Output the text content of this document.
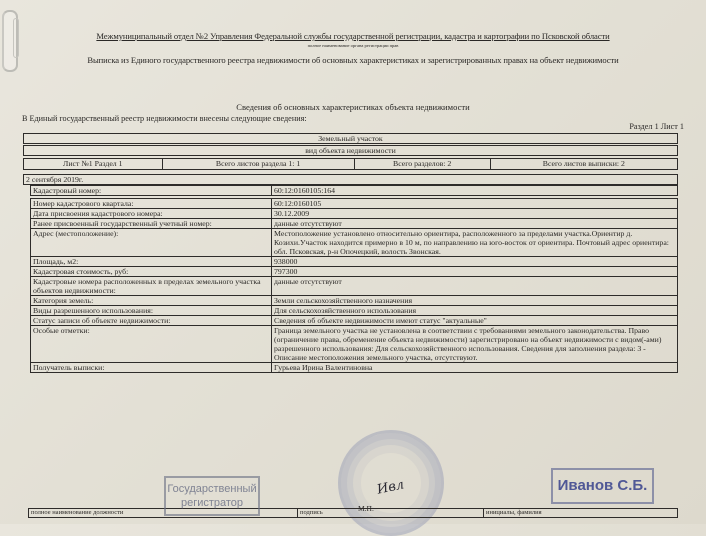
Межмуниципальный отдел №2 Управления Федеральной службы государственной регистрации, кадастра и картографии по Псковской области
полное наименование органа регистрации прав
Выписка из Единого государственного реестра недвижимости об основных характеристиках и зарегистрированных правах на объект недвижимости
Сведения об основных характеристиках объекта недвижимости
В Единый государственный реестр недвижимости внесены следующие сведения:
Раздел 1 Лист 1
Земельный участок
вид объекта недвижимости
Лист №1 Раздел 1	Всего листов раздела 1: 1	Всего разделов: 2	Всего листов выписки: 2
2 сентября 2019г.
Кадастровый номер:	60:12:0160105:164
Номер кадастрового квартала:	60:12:0160105
Дата присвоения кадастрового номера:	30.12.2009
Ранее присвоенный государственный учетный номер:	данные отсутствуют
Адрес (местоположение):	Местоположение установлено относительно ориентира, расположенного за пределами участка.Ориентир д. Козихи.Участок находится примерно в 10 м, по направлению на юго-восток от ориентира. Почтовый адрес ориентира: обл. Псковская, р-н Опочецкий, волость Звонская.
Площадь, м2:	938000
Кадастровая стоимость, руб:	797300
Кадастровые номера расположенных в пределах земельного участка объектов недвижимости:	данные отсутствуют
Категория земель:	Земли сельскохозяйственного назначения
Виды разрешенного использования:	Для сельскохозяйственного использования
Статус записи об объекте недвижимости:	Сведения об объекте недвижимости имеют статус "актуальные"
Особые отметки:	Граница земельного участка не установлена в соответствии с требованиями земельного законодательства. Право (ограничение права, обременение объекта недвижимости) зарегистрировано на объект недвижимости с видом(-ами) разрешенного использования: Для сельскохозяйственного использования. Сведения для заполнения раздела: 3 - Описание местоположения земельного участка, отсутствуют.
Получатель выписки:	Гурьева Ирина Валентиновна
полное наименование должности	подпись	инициалы, фамилия
Государственный
регистратор
Ивл
М.П.
Иванов С.Б.
